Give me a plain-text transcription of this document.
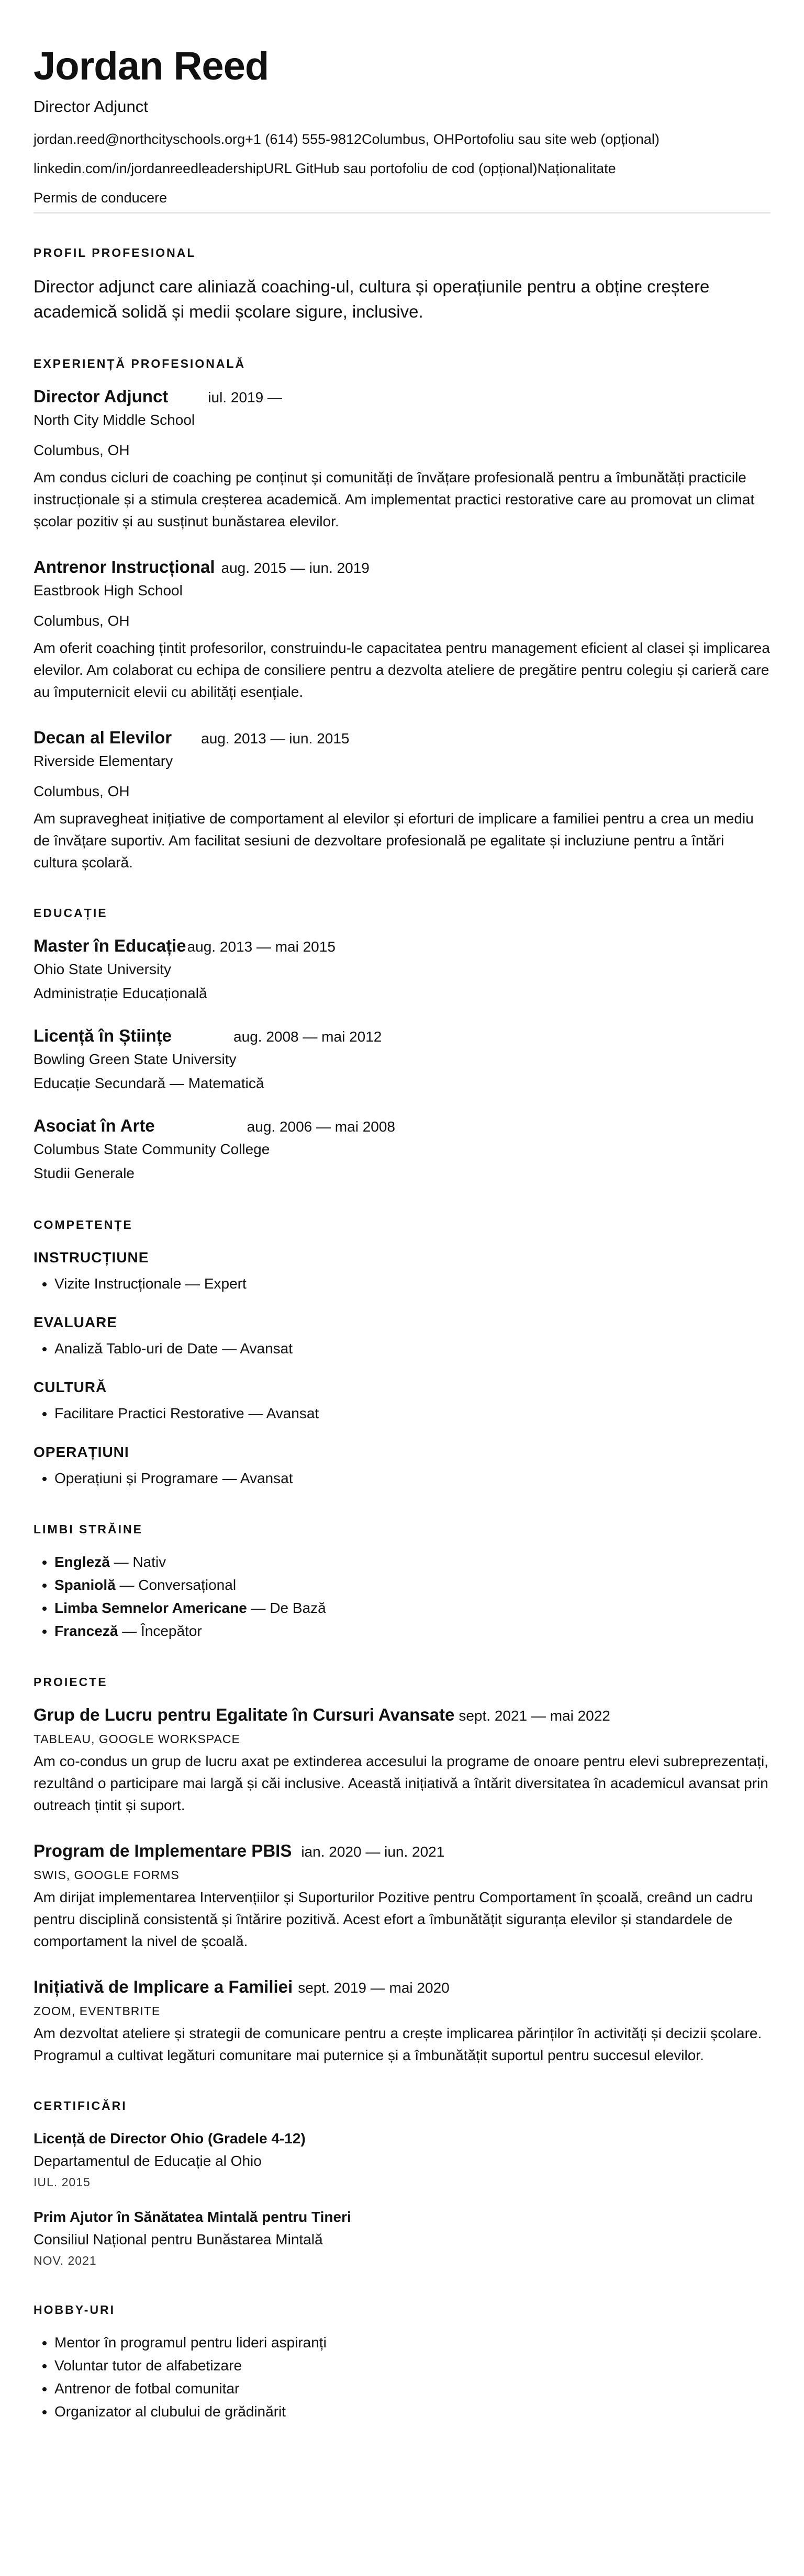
Jordan Reed
Director Adjunct
jordan.reed@northcityschools.org+1 (614) 555-9812Columbus, OHPortofoliu sau site web (opțional)
linkedin.com/in/jordanreedleadershipURL GitHub sau portofoliu de cod (opțional)Naționalitate
Permis de conducere
PROFIL PROFESIONAL
Director adjunct care aliniază coaching-ul, cultura și operațiunile pentru a obține creștere academică solidă și medii școlare sigure, inclusive.
EXPERIENȚĂ PROFESIONALĂ
Director Adjunct	iul. 2019 —
North City Middle School
Columbus, OH
Am condus cicluri de coaching pe conținut și comunități de învățare profesională pentru a îmbunătăți practicile instrucționale și a stimula creșterea academică. Am implementat practici restorative care au promovat un climat școlar pozitiv și au susținut bunăstarea elevilor.
Antrenor Instrucțional aug. 2015 — iun. 2019
Eastbrook High School
Columbus, OH
Am oferit coaching țintit profesorilor, construindu-le capacitatea pentru management eficient al clasei și implicarea elevilor. Am colaborat cu echipa de consiliere pentru a dezvolta ateliere de pregătire pentru colegiu și carieră care au împuternicit elevii cu abilități esențiale.
Decan al Elevilor aug. 2013 — iun. 2015
Riverside Elementary
Columbus, OH
Am supravegheat inițiative de comportament al elevilor și eforturi de implicare a familiei pentru a crea un mediu de învățare suportiv. Am facilitat sesiuni de dezvoltare profesională pe egalitate și incluziune pentru a întări cultura școlară.
EDUCAȚIE
Master în Educație aug. 2013 — mai 2015
Ohio State University
Administrație Educațională
Licență în Științe	aug. 2008 — mai 2012
Bowling Green State University
Educație Secundară — Matematică
Asociat în Arte	aug. 2006 — mai 2008
Columbus State Community College
Studii Generale
COMPETENȚE
INSTRUCȚIUNE
• Vizite Instrucționale — Expert
EVALUARE
• Analiză Tablo-uri de Date — Avansat
CULTURĂ
• Facilitare Practici Restorative — Avansat
OPERAȚIUNI
• Operațiuni și Programare — Avansat
LIMBI STRĂINE
• Engleză — Nativ
• Spaniolă — Conversațional
• Limba Semnelor Americane — De Bază
• Franceză — Începător
PROIECTE
Grup de Lucru pentru Egalitate în Cursuri Avansate sept. 2021 — mai 2022
TABLEAU, GOOGLE WORKSPACE
Am co-condus un grup de lucru axat pe extinderea accesului la programe de onoare pentru elevi subreprezentați, rezultând o participare mai largă și căi inclusive. Această inițiativă a întărit diversitatea în academicul avansat prin outreach țintit și suport.
Program de Implementare PBIS ian. 2020 — iun. 2021
SWIS, GOOGLE FORMS
Am dirijat implementarea Intervențiilor și Suporturilor Pozitive pentru Comportament în școală, creând un cadru pentru disciplină consistentă și întărire pozitivă. Acest efort a îmbunătățit siguranța elevilor și standardele de comportament la nivel de școală.
Inițiativă de Implicare a Familiei sept. 2019 — mai 2020
ZOOM, EVENTBRITE
Am dezvoltat ateliere și strategii de comunicare pentru a crește implicarea părinților în activități și decizii școlare. Programul a cultivat legături comunitare mai puternice și a îmbunătățit suportul pentru succesul elevilor.
CERTIFICĂRI
Licență de Director Ohio (Gradele 4-12)
Departamentul de Educație al Ohio
IUL. 2015
Prim Ajutor în Sănătatea Mintală pentru Tineri
Consiliul Național pentru Bunăstarea Mintală
NOV. 2021
HOBBY-URI
• Mentor în programul pentru lideri aspiranți
• Voluntar tutor de alfabetizare
• Antrenor de fotbal comunitar
• Organizator al clubului de grădinărit
